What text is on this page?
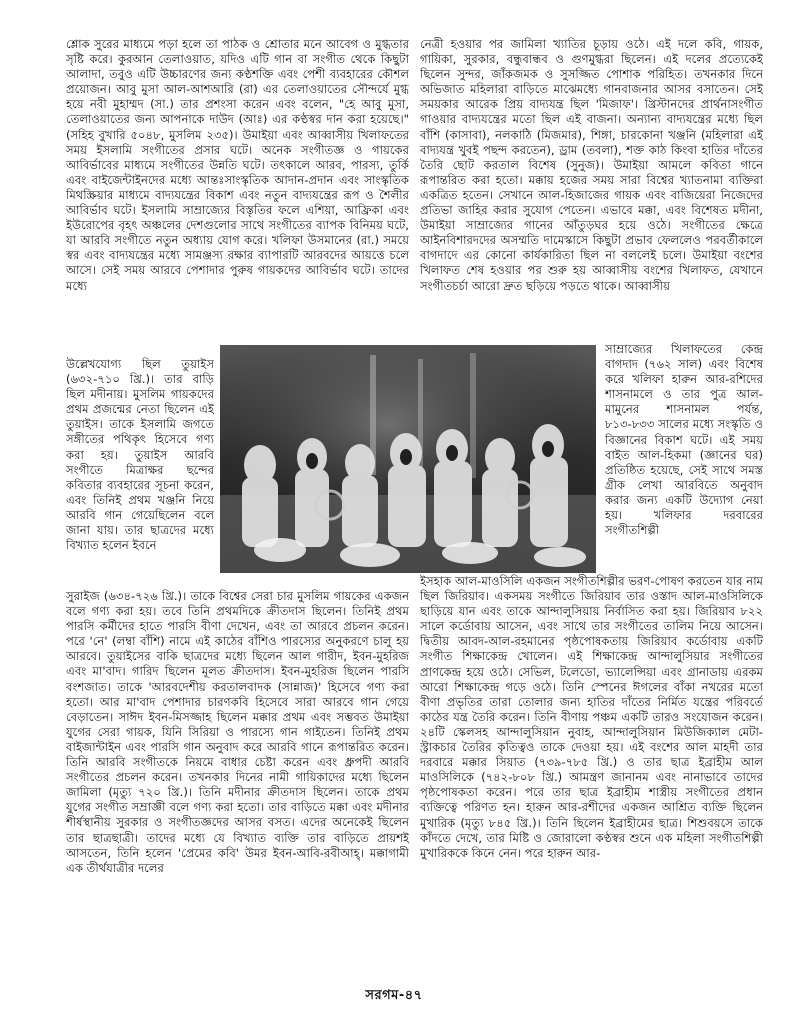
শ্লোক সুরের মাধ্যমে পড়া হলে তা পাঠক ও শ্রোতার মনে আবেগ ও মুগ্ধতার সৃষ্টি করে। কুরআন তেলাওয়াত, যদিও এটি গান বা সংগীত থেকে কিছুটা আলাদা, তবুও এটি উচ্চারণের জন্য কণ্ঠশক্তি এবং পেশী ব্যবহারের কৌশল প্রয়োজন। আবু মুসা আল-আশআরি (রা) এর তেলাওয়াতের সৌন্দর্যে মুগ্ধ হয়ে নবী মুহাম্মদ (সা.) তার প্রশংসা করেন এবং বলেন, "হে আবু মুসা, তেলাওয়াতের জন্য আপনাকে দাউদ (আঃ) এর কণ্ঠস্বর দান করা হয়েছে।" (সহিহ বুখারি ৫০৪৮, মুসলিম ২৩৫)। উমাইয়া এবং আব্বাসীয় খিলাফতের সময় ইসলামি সংগীতের প্রসার ঘটে। অনেক সংগীতজ্ঞ ও গায়কের আবির্ভাবের মাধ্যমে সংগীতের উন্নতি ঘটে। তৎকালে আরব, পারস্য, তুর্কি এবং বাইজেন্টাইনদের মধ্যে আন্তঃসাংস্কৃতিক আদান-প্রদান এবং সাংস্কৃতিক মিথস্ক্রিয়ার মাধ্যমে বাদ্যযন্ত্রের বিকাশ এবং নতুন বাদ্যযন্ত্রের রূপ ও শৈলীর আবির্ভাব ঘটে। ইসলামি সাম্রাজ্যের বিস্তৃতির ফলে এশিয়া, আফ্রিকা এবং ইউরোপের বৃহৎ অঞ্চলের দেশগুলোর সাথে সংগীতের ব্যাপক বিনিময় ঘটে, যা আরবি সংগীতে নতুন অধ্যায় যোগ করে। খলিফা উসমানের (রা.) সময়ে স্বর এবং বাদ্যযন্ত্রের মধ্যে সামঞ্জস্য রক্ষার ব্যাপারটি আরবদের আয়ত্তে চলে আসে। সেই সময় আরবে পেশাদার পুরুষ গায়কদের আবির্ভাব ঘটে। তাদের মধ্যে

উল্লেখযোগ্য ছিল তুয়াইস (৬৩২-৭১০ খ্রি.)। তার বাড়ি ছিল মদীনায়। মুসলিম গায়কদের প্রথম প্রজন্মের নেতা ছিলেন এই তুয়াইস। তাকে ইসলামি জগতে সঙ্গীতের পথিকৃৎ হিসেবে গণ্য করা হয়। তুয়াইস আরবি সংগীতে মিত্রাক্ষর ছন্দের কবিতার ব্যবহারের সূচনা করেন, এবং তিনিই প্রথম খঞ্জনি নিয়ে আরবি গান গেয়েছিলেন বলে জানা যায়। তার ছাত্রদের মধ্যে বিখ্যাত হলেন ইবনে

সুরাইজ (৬৩৪-৭২৬ খ্রি.)। তাকে বিশ্বের সেরা চার মুসলিম গায়কের একজন বলে গণ্য করা হয়। তবে তিনি প্রথমদিকে ক্রীতদাস ছিলেন। তিনিই প্রথম পারসি কর্মীদের হাতে পারসি বীণা দেখেন, এবং তা আরবে প্রচলন করেন। পরে 'নে' (লম্বা বাঁশি) নামে এই কাঠের বাঁশিও পারস্যের অনুকরণে চালু হয় আরবে। তুয়াইসের বাকি ছাত্রদের মধ্যে ছিলেন আল গারীদ, ইবন-মুহরিজ এবং মা'বাদ। গারিদ ছিলেন মূলত ক্রীতদাস। ইবন-মুহরিজ ছিলেন পারসি বংশজাত। তাকে 'আরবদেশীয় করতালবাদক (সান্নাজ)' হিসেবে গণ্য করা হতো। আর মা'বাদ পেশাদার চারণকবি হিসেবে সারা আরবে গান গেয়ে বেড়াতেন। সাঈদ ইবন-মিসজ্জাহ ছিলেন মক্কার প্রথম এবং সম্ভবত উমাইয়া যুগের সেরা গায়ক, যিনি সিরিয়া ও পারস্যে গান গাইতেন। তিনিই প্রথম বাইজান্টাইন এবং পারসি গান অনুবাদ করে আরবি গানে রূপান্তরিত করেন। তিনি আরবি সংগীতকে নিয়মে বাধার চেষ্টা করেন এবং ধ্রুপদী আরবি সংগীতের প্রচলন করেন। তখনকার দিনের নামী গায়িকাদের মধ্যে ছিলেন জামিলা (মৃত্যু ৭২০ খ্রি.)। তিনি মদীনার ক্রীতদাস ছিলেন। তাকে প্রথম যুগের সংগীত সম্রাজ্ঞী বলে গণ্য করা হতো। তার বাড়িতে মক্কা এবং মদীনার শীর্ষস্থানীয় সুরকার ও সংগীতজ্ঞদের আসর বসত। এদের অনেকেই ছিলেন তার ছাত্রছাত্রী। তাদের মধ্যে যে বিখ্যাত ব্যক্তি তার বাড়িতে প্রায়শই আসতেন, তিনি হলেন 'প্রেমের কবি' উমর ইবন-আবি-রবীআহ্। মক্কাগামী এক তীর্থযাত্রীর দলের

নেত্রী হওয়ার পর জামিলা খ্যাতির চূড়ায় ওঠে। এই দলে কবি, গায়ক, গায়িকা, সুরকার, বন্ধুবান্ধব ও গুণমুগ্ধরা ছিলেন। এই দলের প্রত্যেকেই ছিলেন সুন্দর, জাঁকজমক ও সুসজ্জিত পোশাক পরিহিত। তখনকার দিনে অভিজাত মহিলারা বাড়িতে মাঝেমধ্যে গানবাজনার আসর বসাতেন। সেই সময়কার আরেক প্রিয় বাদ্যযন্ত্র ছিল 'মিজাফ'। খ্রিস্টানদের প্রার্থনাসংগীত গাওয়ার বাদ্যযন্ত্রের মতো ছিল এই বাজনা। অন্যান্য বাদ্যযন্ত্রের মধ্যে ছিল বাঁশি (কাসাবা), নলকাঠি (মিজমার), শিঙ্গা, চারকোনা খঞ্জনি (মহিলারা এই বাদ্যযন্ত্র খুবই পছন্দ করতেন), ড্রাম (তবলা), শক্ত কাঠ কিংবা হাতির দাঁতের তৈরি ছোট করতাল বিশেষ (সুনুজ)। উমাইয়া আমলে কবিতা গানে রূপান্তরিত করা হতো। মক্কায় হজের সময় সারা বিশ্বের খ্যাতনামা ব্যক্তিরা একত্রিত হতেন। সেখানে আল-হিজাজের গায়ক এবং বাজিয়েরা নিজেদের প্রতিভা জাহির করার সুযোগ পেতেন। এভাবে মক্কা, এবং বিশেষত মদীনা, উমাইয়া সাম্রাজ্যের গানের আঁতুড়ঘর হয়ে ওঠে। সংগীতের ক্ষেত্রে আইনবিশারদদের অসম্মতি দামেস্কাসে কিছুটা প্রভাব ফেললেও পরবর্তীকালে বাগদাদে এর কোনো কার্যকারিতা ছিল না বললেই চলে। উমাইয়া বংশের খিলাফত শেষ হওয়ার পর শুরু হয় আব্বাসীয় বংশের খিলাফত, যেখানে সংগীতচর্চা আরো দ্রুত ছড়িয়ে পড়তে থাকে। আব্বাসীয়

সাম্রাজ্যের খিলাফতের কেন্দ্র বাগদাদ (৭৬২ সাল) এবং বিশেষ করে খলিফা হারুন আর-রশিদের শাসনামলে ও তার পুত্র আল-মামুনের শাসনামল পর্যন্ত, ৮১৩-৮৩৩ সালের মধ্যে সংস্কৃতি ও বিজ্ঞানের বিকাশ ঘটে। এই সময় বাইত আল-হিকমা (জ্ঞানের ঘর) প্রতিষ্ঠিত হয়েছে, সেই সাথে সমস্ত গ্রীক লেখা আরবিতে অনুবাদ করার জন্য একটি উদ্যোগ নেয়া হয়। খলিফার দরবারের সংগীতশিল্পী

ইসহাক আল-মাওসিলি একজন সংগীতশিল্পীর ভরণ-পোষণ করতেন যার নাম ছিল জিরিয়াব। একসময় সংগীতে জিরিয়াব তার ওস্তাদ আল-মাওসিলিকে ছাড়িয়ে যান এবং তাকে আন্দালুসিয়ায় নির্বাসিত করা হয়। জিরিয়াব ৮২২ সালে কর্ডোবায় আসেন, এবং সাথে তার সংগীতের তালিম নিয়ে আসেন। দ্বিতীয় আবদ-আল-রহমানের পৃষ্ঠপোষকতায় জিরিয়াব কর্ডোবায় একটি সংগীত শিক্ষাকেন্দ্র খোলেন। এই শিক্ষাকেন্দ্র আন্দালুসিয়ার সংগীতের প্রাণকেন্দ্র হয়ে ওঠে। সেভিল, টলেডো, ভ্যালেন্সিয়া এবং গ্রানাডায় এরকম আরো শিক্ষাকেন্দ্র গড়ে ওঠে। তিনি স্পেনের ঈগলের বাঁকা নখরের মতো বীণা প্রভৃতির তারা তোলার জন্য হাতির দাঁতের নির্মিত যন্ত্রের পরিবর্তে কাঠের যন্ত্র তৈরি করেন। তিনি বীণায় পঞ্চম একটি তারও সংযোজন করেন। ২৪টি স্কেলসহ আন্দালুসিয়ান নুবাহ, আন্দালুসিয়ান মিউজিক্যাল মেটা-স্ট্রাকচার তৈরির কৃতিত্বও তাকে দেওয়া হয়। এই বংশের আল মাহদী তার দরবারে মক্কার সিয়াত (৭৩৯-৭৮৫ খ্রি.) ও তার ছাত্র ইব্রাহীম আল মাওসিলিকে (৭৪২-৮০৮ খ্রি.) আমন্ত্রণ জানানম এবং নানাভাবে তাদের পৃষ্ঠপোষকতা করেন। পরে তার ছাত্র ইব্রাহীম শাস্ত্রীয় সংগীতের প্রধান ব্যক্তিত্বে পরিণত হন। হারুন আর-রশীদের একজন আশ্রিত ব্যক্তি ছিলেন মুখারিক (মৃত্যু ৮৪৫ খ্রি.)। তিনি ছিলেন ইব্রাহীমের ছাত্র। শিশুবয়সে তাকে কাঁদতে দেখে, তার মিষ্টি ও জোরালো কণ্ঠস্বর শুনে এক মহিলা সংগীতশিল্পী মুখারিককে কিনে নেন। পরে হারুন আর-

সরগম-৪৭
